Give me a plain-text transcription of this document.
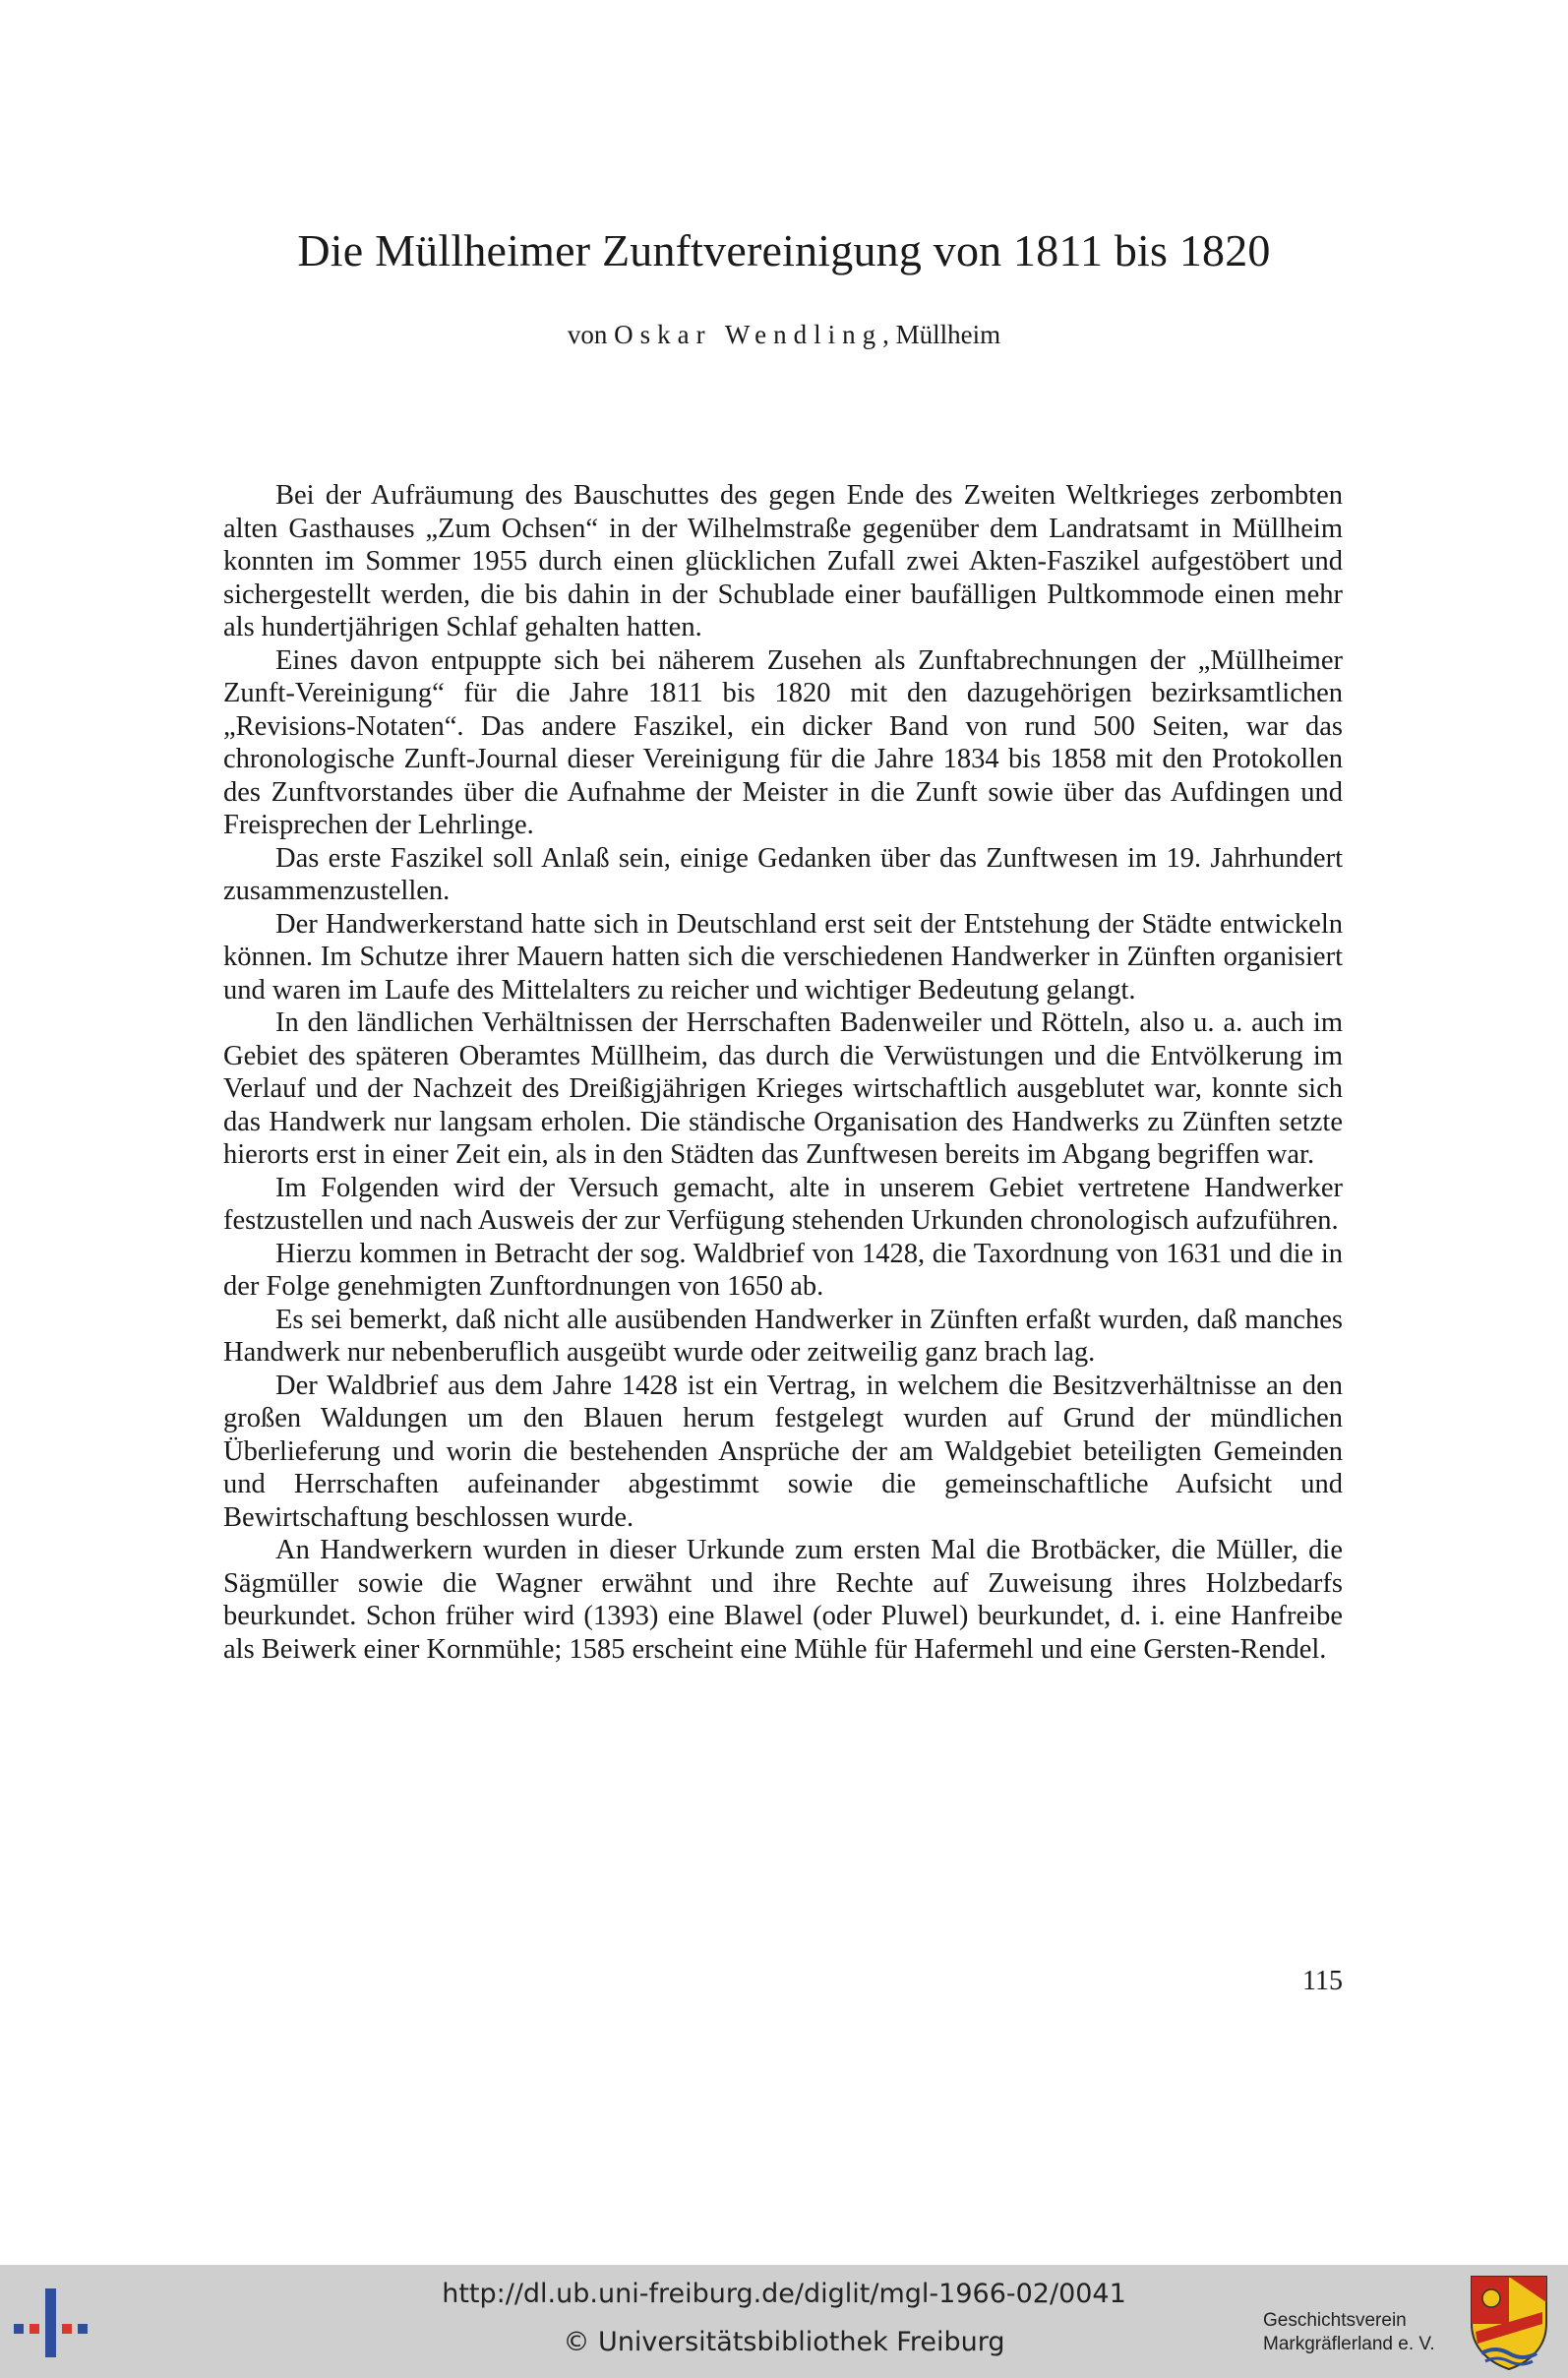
Die Müllheimer Zunftvereinigung von 1811 bis 1820
von Oskar Wendling, Müllheim

Bei der Aufräumung des Bauschuttes des gegen Ende des Zweiten Weltkrieges zerbombten alten Gasthauses „Zum Ochsen“ in der Wilhelmstraße gegenüber dem Landratsamt in Müllheim konnten im Sommer 1955 durch einen glücklichen Zufall zwei Akten-Faszikel aufgestöbert und sichergestellt werden, die bis dahin in der Schublade einer baufälligen Pultkommode einen mehr als hundertjährigen Schlaf gehalten hatten.

Eines davon entpuppte sich bei näherem Zusehen als Zunftabrechnungen der „Müllheimer Zunft-Vereinigung“ für die Jahre 1811 bis 1820 mit den dazugehörigen bezirksamtlichen „Revisions-Notaten“. Das andere Faszikel, ein dicker Band von rund 500 Seiten, war das chronologische Zunft-Journal dieser Vereinigung für die Jahre 1834 bis 1858 mit den Protokollen des Zunftvorstandes über die Aufnahme der Meister in die Zunft sowie über das Aufdingen und Freisprechen der Lehrlinge.

Das erste Faszikel soll Anlaß sein, einige Gedanken über das Zunftwesen im 19. Jahrhundert zusammenzustellen.

Der Handwerkerstand hatte sich in Deutschland erst seit der Entstehung der Städte entwickeln können. Im Schutze ihrer Mauern hatten sich die verschiedenen Handwerker in Zünften organisiert und waren im Laufe des Mittelalters zu reicher und wichtiger Bedeutung gelangt.

In den ländlichen Verhältnissen der Herrschaften Badenweiler und Rötteln, also u. a. auch im Gebiet des späteren Oberamtes Müllheim, das durch die Verwüstungen und die Entvölkerung im Verlauf und der Nachzeit des Dreißigjährigen Krieges wirtschaftlich ausgeblutet war, konnte sich das Handwerk nur langsam erholen. Die ständische Organisation des Handwerks zu Zünften setzte hierorts erst in einer Zeit ein, als in den Städten das Zunftwesen bereits im Abgang begriffen war.

Im Folgenden wird der Versuch gemacht, alte in unserem Gebiet vertretene Handwerker festzustellen und nach Ausweis der zur Verfügung stehenden Urkunden chronologisch aufzuführen.

Hierzu kommen in Betracht der sog. Waldbrief von 1428, die Taxordnung von 1631 und die in der Folge genehmigten Zunftordnungen von 1650 ab.

Es sei bemerkt, daß nicht alle ausübenden Handwerker in Zünften erfaßt wurden, daß manches Handwerk nur nebenberuflich ausgeübt wurde oder zeitweilig ganz brach lag.

Der Waldbrief aus dem Jahre 1428 ist ein Vertrag, in welchem die Besitzverhältnisse an den großen Waldungen um den Blauen herum festgelegt wurden auf Grund der mündlichen Überlieferung und worin die bestehenden Ansprüche der am Waldgebiet beteiligten Gemeinden und Herrschaften aufeinander abgestimmt sowie die gemeinschaftliche Aufsicht und Bewirtschaftung beschlossen wurde.

An Handwerkern wurden in dieser Urkunde zum ersten Mal die Brotbäcker, die Müller, die Sägmüller sowie die Wagner erwähnt und ihre Rechte auf Zuweisung ihres Holzbedarfs beurkundet. Schon früher wird (1393) eine Blawel (oder Pluwel) beurkundet, d. i. eine Hanfreibe als Beiwerk einer Kornmühle; 1585 erscheint eine Mühle für Hafermehl und eine Gersten-Rendel.

115
http://dl.ub.uni-freiburg.de/diglit/mgl-1966-02/0041
© Universitätsbibliothek Freiburg
Geschichtsverein
Markgräflerland e. V.
